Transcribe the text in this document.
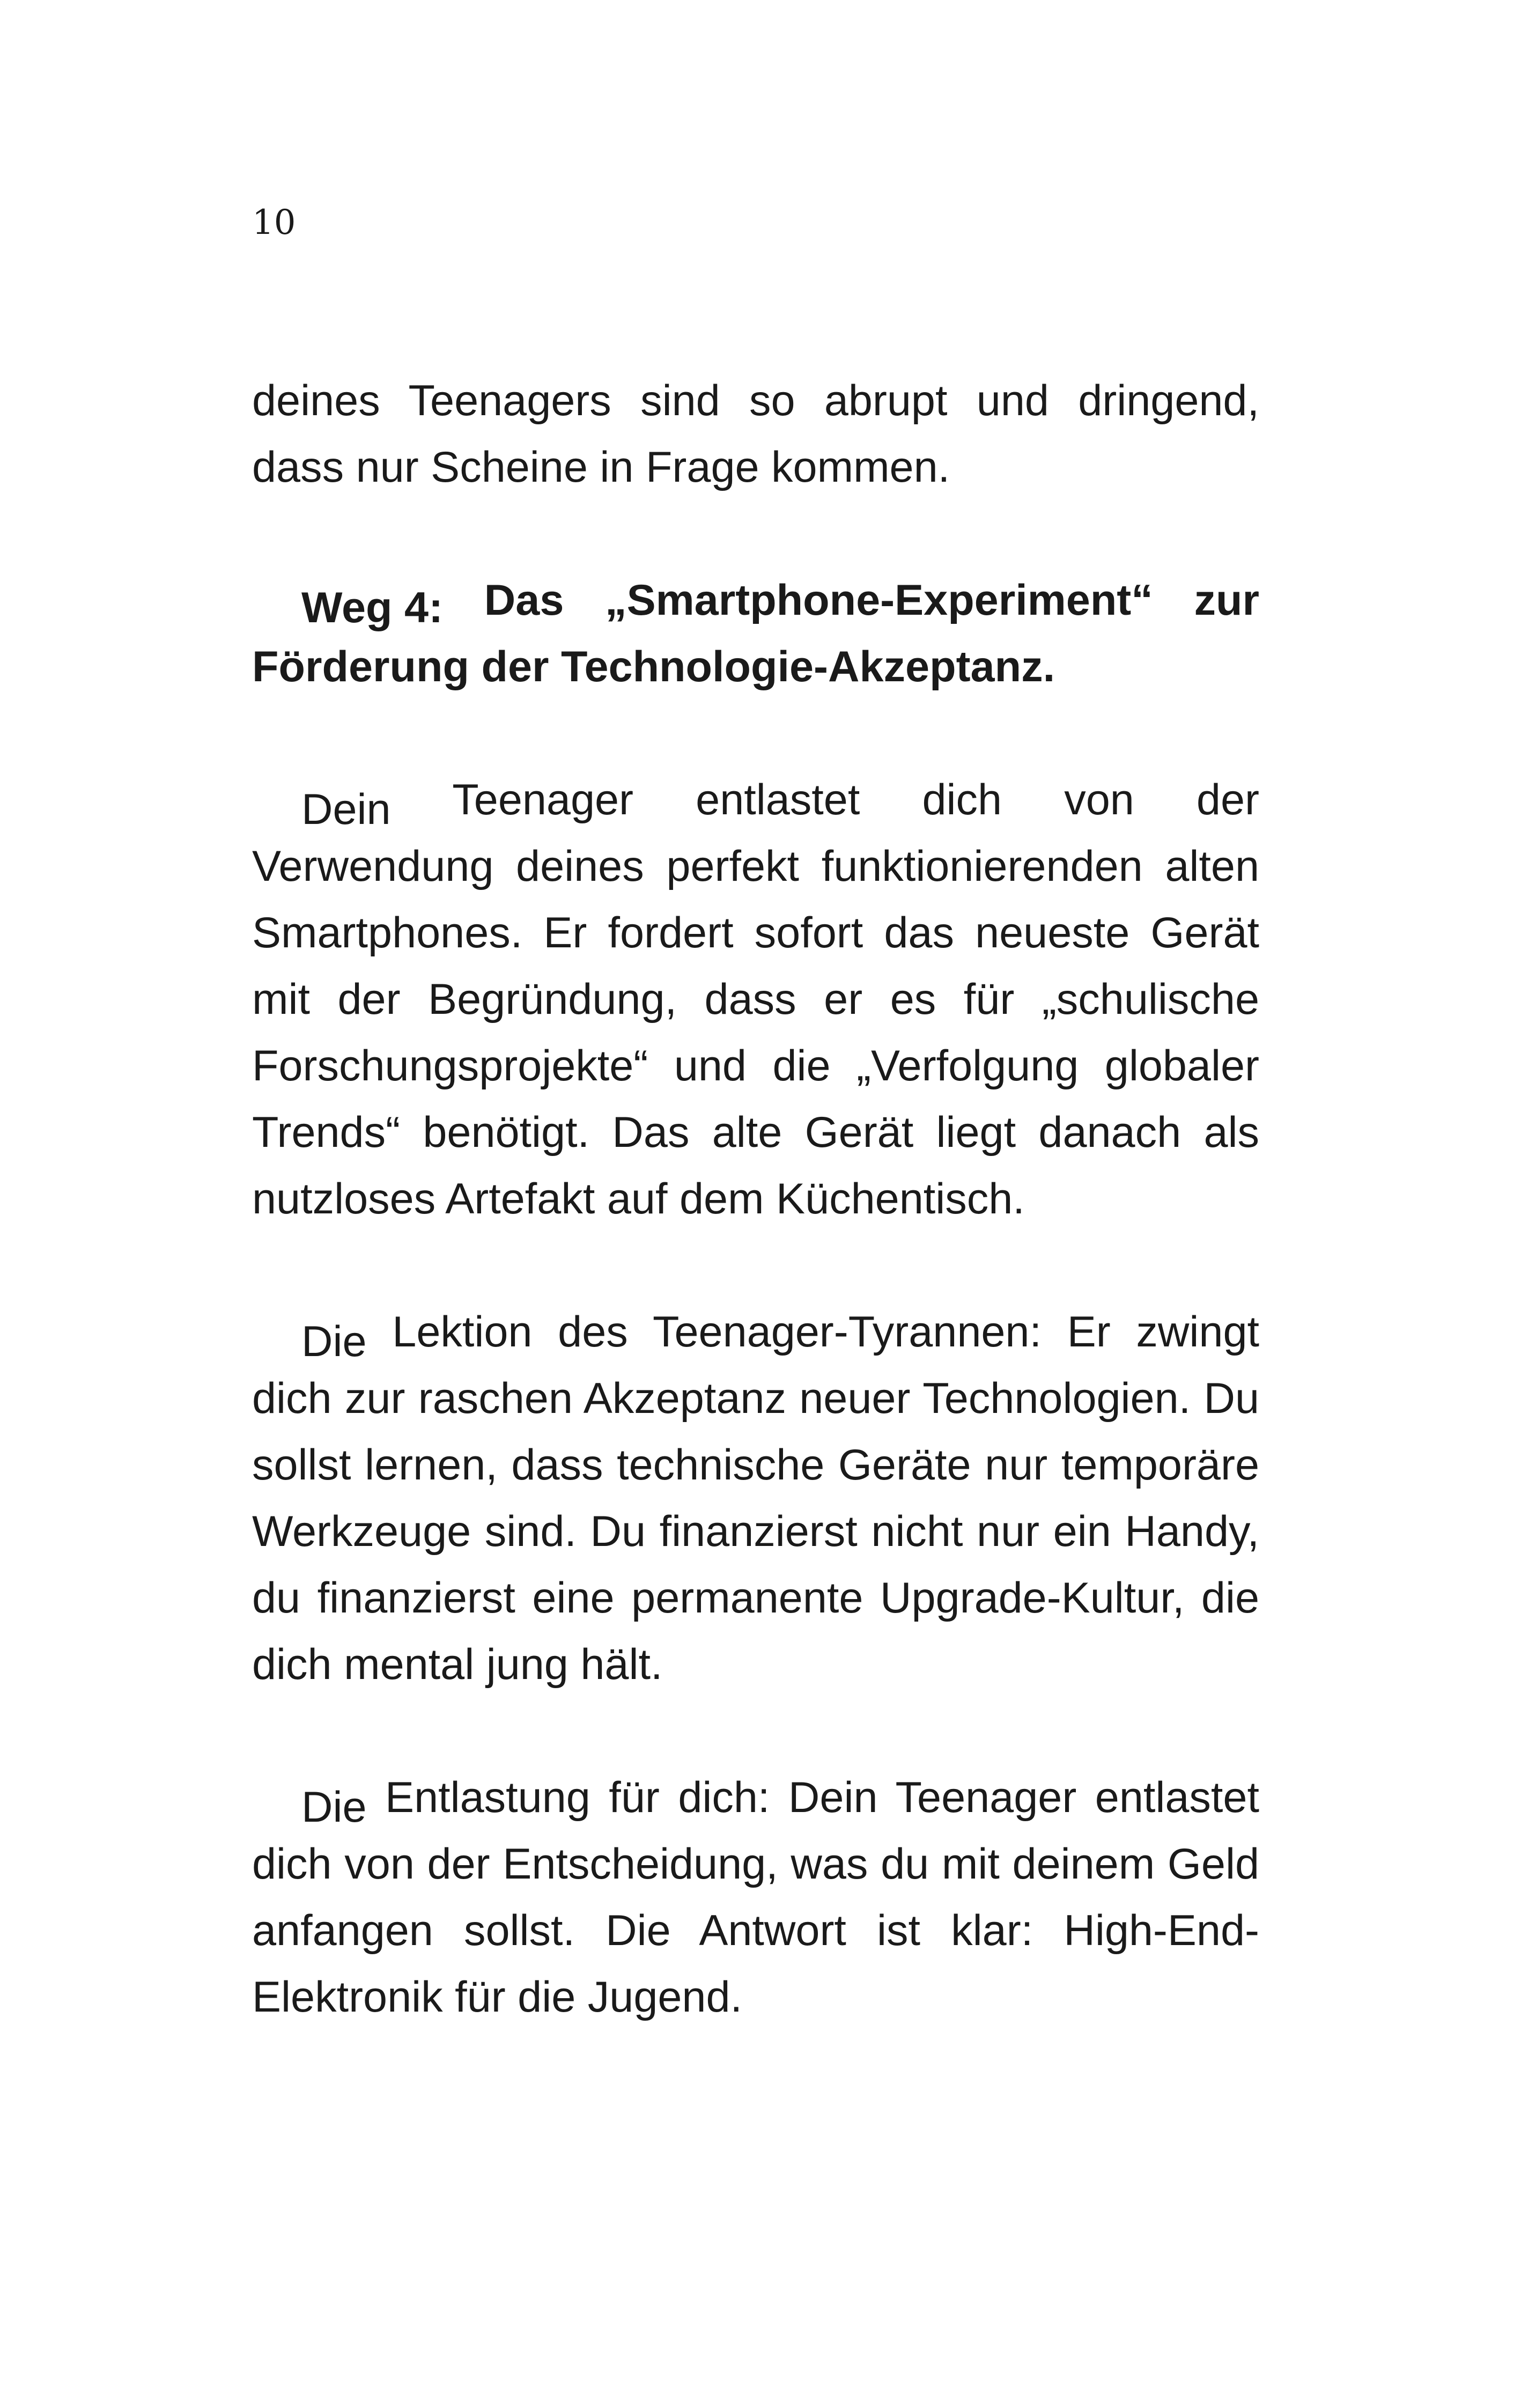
10

deines Teenagers sind so abrupt und dringend, dass nur Scheine in Frage kommen.

Weg 4: Das „Smartphone-Experiment“ zur Förderung der Technologie-Akzeptanz.

Dein Teenager entlastet dich von der Verwendung deines perfekt funktionierenden alten Smartphones. Er fordert sofort das neueste Gerät mit der Begründung, dass er es für „schulische Forschungsprojekte“ und die „Verfolgung globaler Trends“ benötigt. Das alte Gerät liegt danach als nutzloses Artefakt auf dem Küchentisch.

Die Lektion des Teenager-Tyrannen: Er zwingt dich zur raschen Akzeptanz neuer Technologien. Du sollst lernen, dass technische Geräte nur temporäre Werkzeuge sind. Du finanzierst nicht nur ein Handy, du finanzierst eine permanente Upgrade-Kultur, die dich mental jung hält.

Die Entlastung für dich: Dein Teenager entlastet dich von der Entscheidung, was du mit deinem Geld anfangen sollst. Die Antwort ist klar: High-End-Elektronik für die Jugend.
